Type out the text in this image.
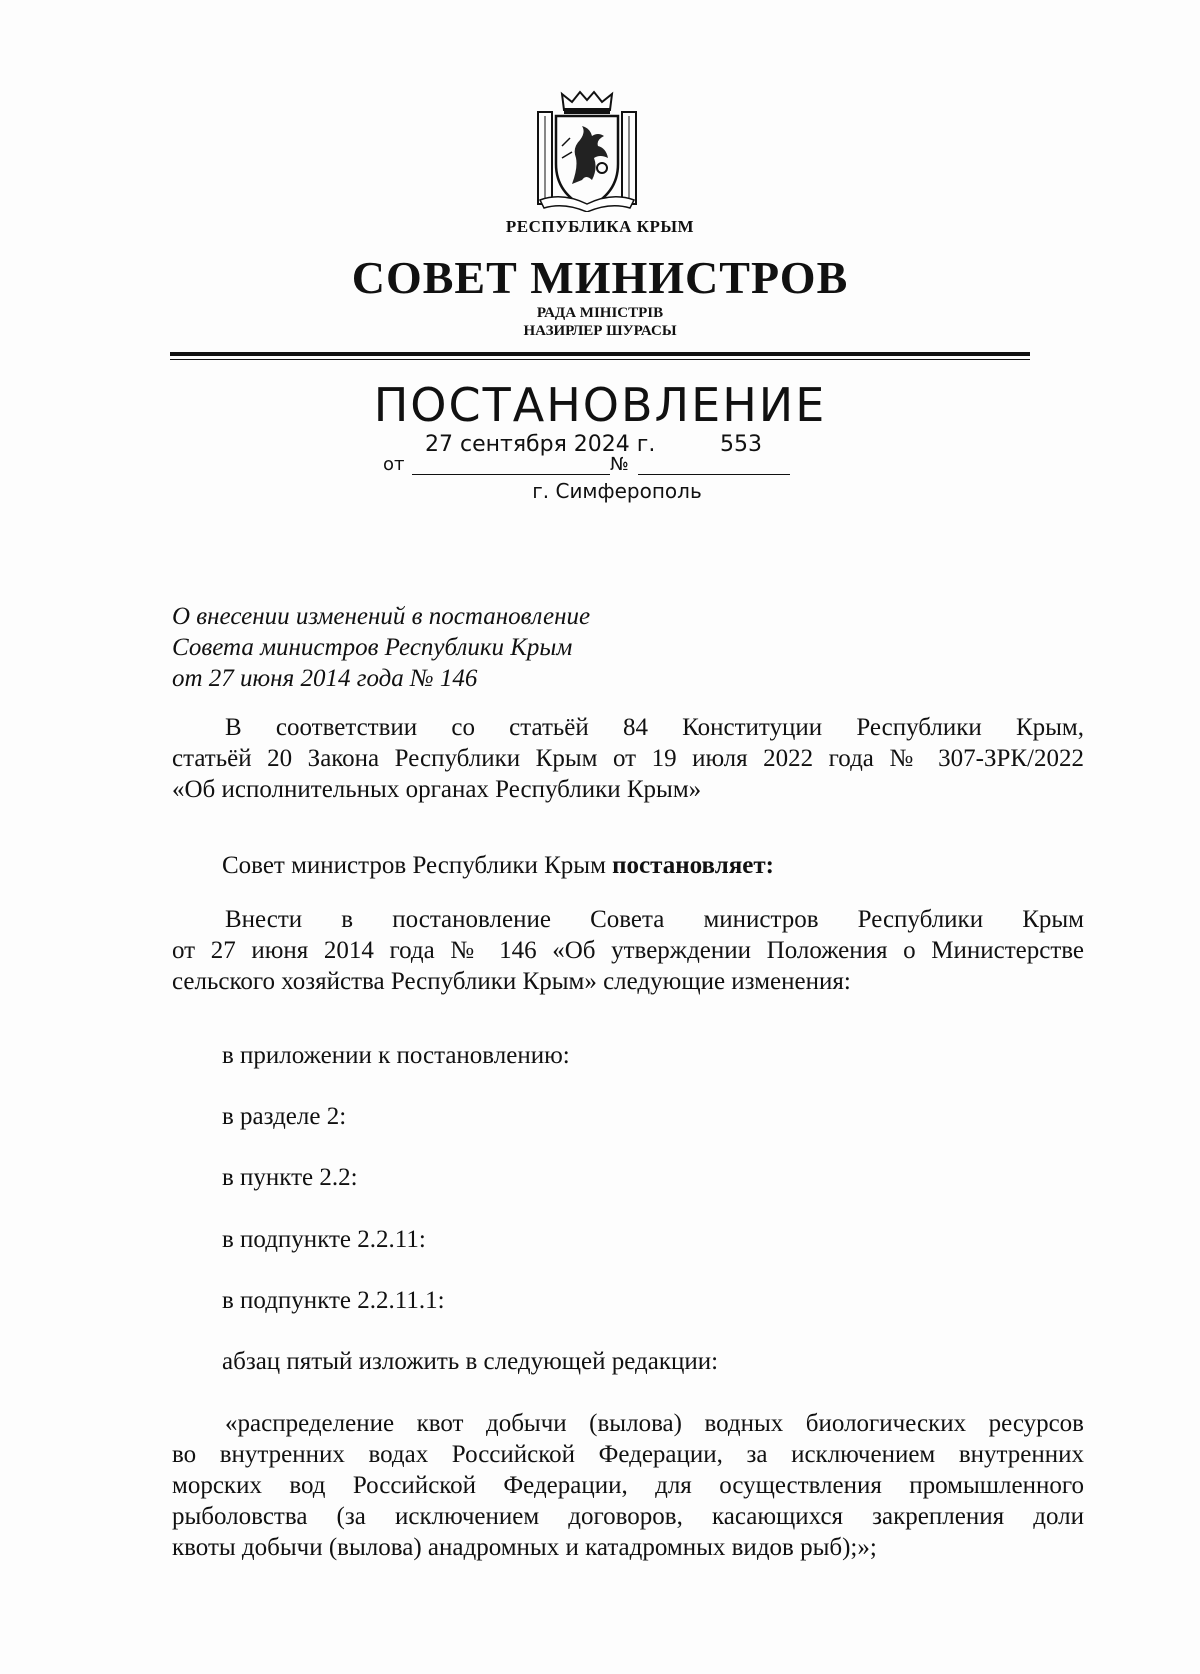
РЕСПУБЛИКА КРЫМ
СОВЕТ МИНИСТРОВ
РАДА МІНІСТРІВ
НАЗИРЛЕР ШУРАСЫ
ПОСТАНОВЛЕНИЕ
27 сентября 2024 г.	553
от	№
г. Симферополь
О внесении изменений в постановление
Совета министров Республики Крым
от 27 июня 2014 года № 146
В соответствии со статьёй 84 Конституции Республики Крым,
статьёй 20 Закона Республики Крым от 19 июля 2022 года № 307-ЗРК/2022
«Об исполнительных органах Республики Крым»
Совет министров Республики Крым постановляет:
Внести в постановление Совета министров Республики Крым
от 27 июня 2014 года № 146 «Об утверждении Положения о Министерстве
сельского хозяйства Республики Крым» следующие изменения:
в приложении к постановлению:
в разделе 2:
в пункте 2.2:
в подпункте 2.2.11:
в подпункте 2.2.11.1:
абзац пятый изложить в следующей редакции:
«распределение квот добычи (вылова) водных биологических ресурсов
во внутренних водах Российской Федерации, за исключением внутренних
морских вод Российской Федерации, для осуществления промышленного
рыболовства (за исключением договоров, касающихся закрепления доли
квоты добычи (вылова) анадромных и катадромных видов рыб);»;
